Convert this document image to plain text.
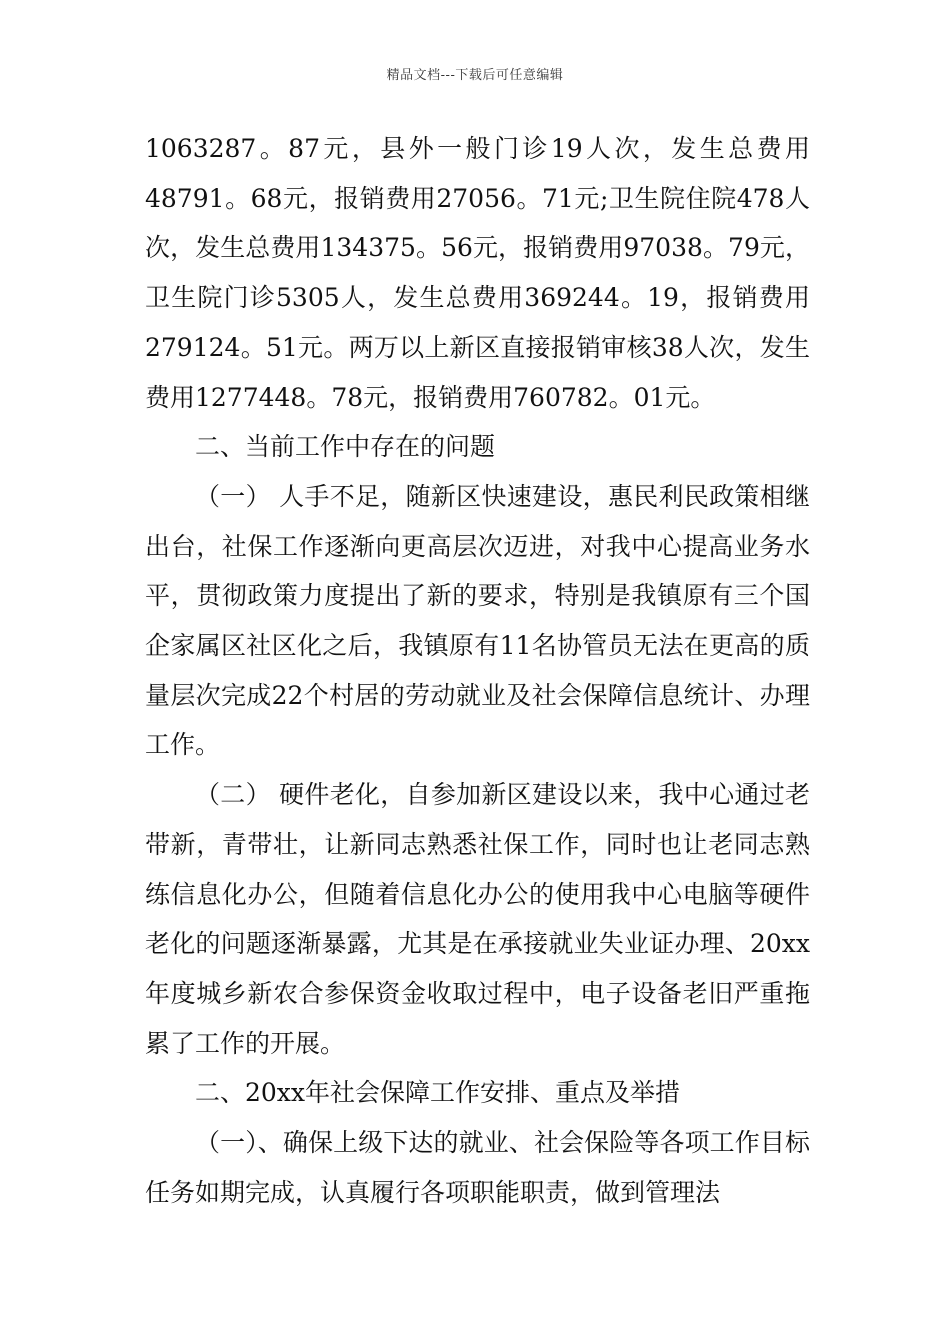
精品文档---下载后可任意编辑

1063287。87元，县外一般门诊19人次，发生总费用48791。68元，报销费用27056。71元;卫生院住院478人次，发生总费用134375。56元，报销费用97038。79元，卫生院门诊5305人，发生总费用369244。19，报销费用279124。51元。两万以上新区直接报销审核38人次，发生费用1277448。78元，报销费用760782。01元。

二、当前工作中存在的问题

（一） 人手不足，随新区快速建设，惠民利民政策相继出台，社保工作逐渐向更高层次迈进，对我中心提高业务水平，贯彻政策力度提出了新的要求，特别是我镇原有三个国企家属区社区化之后，我镇原有11名协管员无法在更高的质量层次完成22个村居的劳动就业及社会保障信息统计、办理工作。

（二） 硬件老化，自参加新区建设以来，我中心通过老带新，青带壮，让新同志熟悉社保工作，同时也让老同志熟练信息化办公，但随着信息化办公的使用我中心电脑等硬件老化的问题逐渐暴露，尤其是在承接就业失业证办理、20xx年度城乡新农合参保资金收取过程中，电子设备老旧严重拖累了工作的开展。

二、20xx年社会保障工作安排、重点及举措

（一）、确保上级下达的就业、社会保险等各项工作目标任务如期完成，认真履行各项职能职责，做到管理法
